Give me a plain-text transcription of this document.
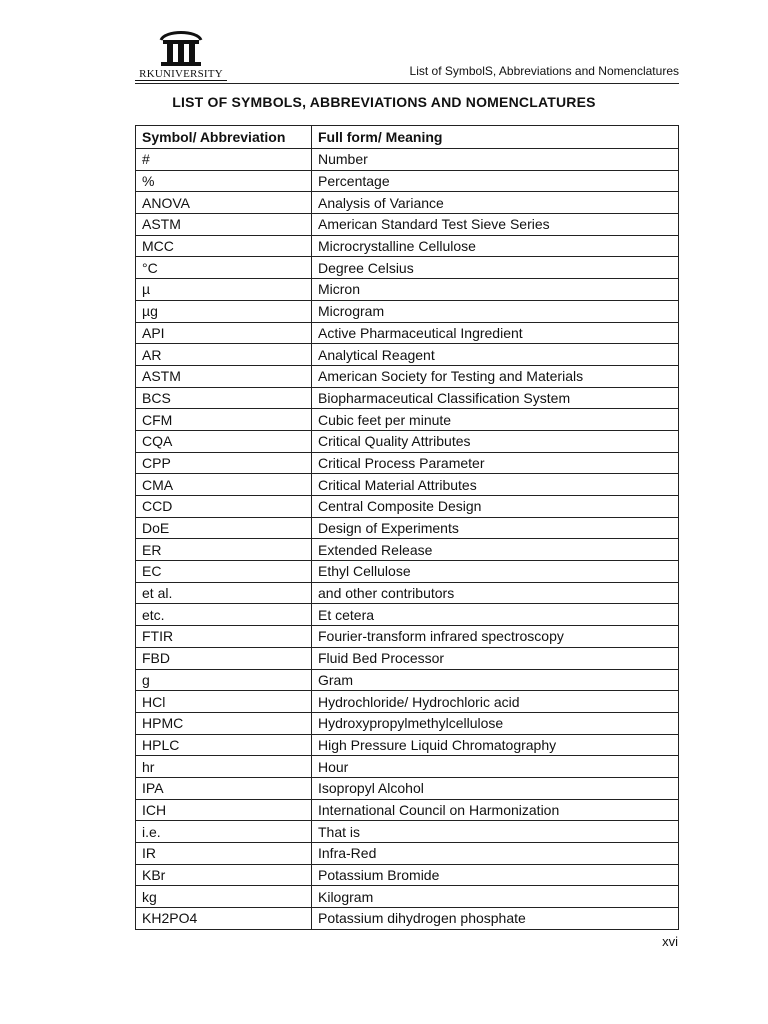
RKUNIVERSITY	List of SymbolS, Abbreviations and Nomenclatures
LIST OF SYMBOLS, ABBREVIATIONS AND NOMENCLATURES
Symbol/ Abbreviation	Full form/ Meaning
#	Number
%	Percentage
ANOVA	Analysis of Variance
ASTM	American Standard Test Sieve Series
MCC	Microcrystalline Cellulose
°C	Degree Celsius
µ	Micron
µg	Microgram
API	Active Pharmaceutical Ingredient
AR	Analytical Reagent
ASTM	American Society for Testing and Materials
BCS	Biopharmaceutical Classification System
CFM	Cubic feet per minute
CQA	Critical Quality Attributes
CPP	Critical Process Parameter
CMA	Critical Material Attributes
CCD	Central Composite Design
DoE	Design of Experiments
ER	Extended Release
EC	Ethyl Cellulose
et al.	and other contributors
etc.	Et cetera
FTIR	Fourier-transform infrared spectroscopy
FBD	Fluid Bed Processor
g	Gram
HCl	Hydrochloride/ Hydrochloric acid
HPMC	Hydroxypropylmethylcellulose
HPLC	High Pressure Liquid Chromatography
hr	Hour
IPA	Isopropyl Alcohol
ICH	International Council on Harmonization
i.e.	That is
IR	Infra-Red
KBr	Potassium Bromide
kg	Kilogram
KH2PO4	Potassium dihydrogen phosphate
xvi
